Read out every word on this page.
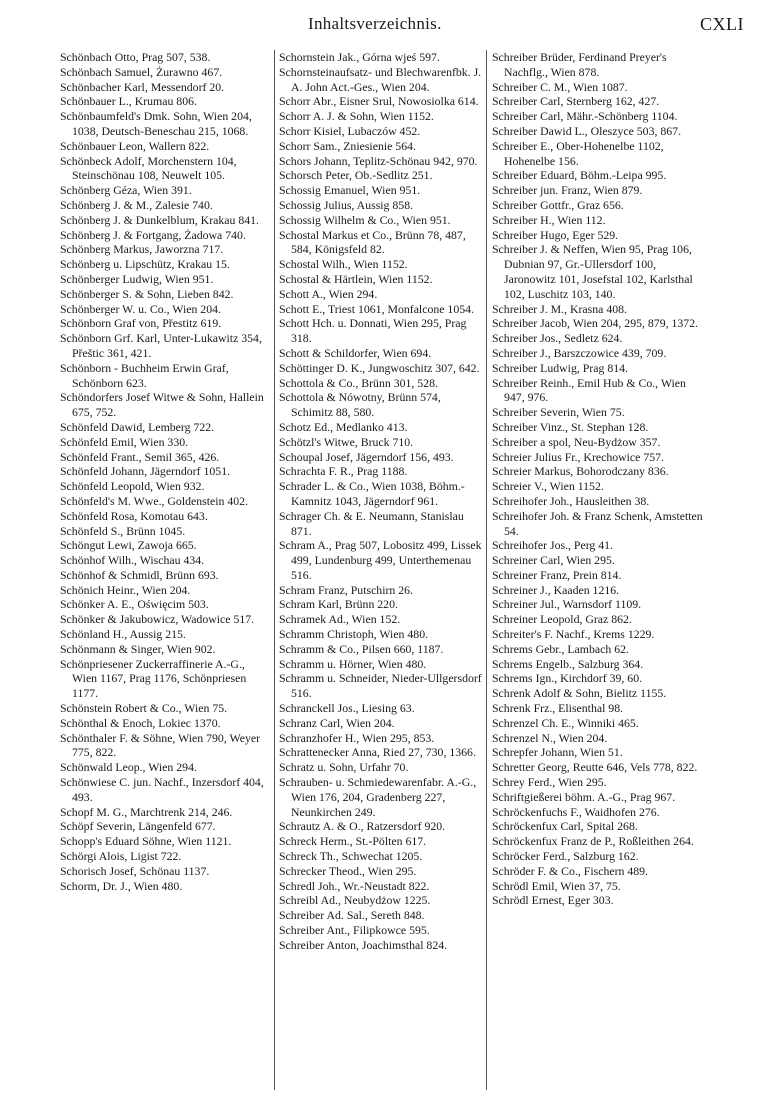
Inhaltsverzeichnis.	CXLI

Schönbach Otto, Prag 507, 538.

Schönbach Samuel, Żurawno 467.

Schönbacher Karl, Messendorf 20.

Schönbauer L., Krumau 806.

Schönbaumfeld's Dmk. Sohn, Wien 204, 1038, Deutsch-Beneschau 215, 1068.

Schönbauer Leon, Wallern 822.

Schönbeck Adolf, Morchenstern 104, Steinschönau 108, Neuwelt 105.

Schönberg Géza, Wien 391.

Schönberg J. & M., Zalesie 740.

Schönberg J. & Dunkelblum, Krakau 841.

Schönberg J. & Fortgang, Żadowa 740.

Schönberg Markus, Jaworzna 717.

Schönberg u. Lipschütz, Krakau 15.

Schönberger Ludwig, Wien 951.

Schönberger S. & Sohn, Lieben 842.

Schönberger W. u. Co., Wien 204.

Schönborn Graf von, Přestitz 619.

Schönborn Grf. Karl, Unter-Lukawitz 354, Přeštic 361, 421.

Schönborn - Buchheim Erwin Graf, Schönborn 623.

Schöndorfers Josef Witwe & Sohn, Hallein 675, 752.

Schönfeld Dawid, Lemberg 722.

Schönfeld Emil, Wien 330.

Schönfeld Frant., Semil 365, 426.

Schönfeld Johann, Jägerndorf 1051.

Schönfeld Leopold, Wien 932.

Schönfeld's M. Wwe., Goldenstein 402.

Schönfeld Rosa, Komotau 643.

Schönfeld S., Brünn 1045.

Schöngut Lewi, Zawoja 665.

Schönhof Wilh., Wischau 434.

Schönhof & Schmidl, Brünn 693.

Schönich Heinr., Wien 204.

Schönker A. E., Oświęcim 503.

Schönker & Jakubowicz, Wadowice 517.

Schönland H., Aussig 215.

Schönmann & Singer, Wien 902.

Schönpriesener Zuckerraffinerie A.-G., Wien 1167, Prag 1176, Schönpriesen 1177.

Schönstein Robert & Co., Wien 75.

Schönthal & Enoch, Lokiec 1370.

Schönthaler F. & Söhne, Wien 790, Weyer 775, 822.

Schönwald Leop., Wien 294.

Schönwiese C. jun. Nachf., Inzersdorf 404, 493.

Schopf M. G., Marchtrenk 214, 246.

Schöpf Severin, Längenfeld 677.

Schopp's Eduard Söhne, Wien 1121.

Schörgi Alois, Ligist 722.

Schorisch Josef, Schönau 1137.

Schorm, Dr. J., Wien 480.

Schornstein Jak., Górna wjeś 597.

Schornsteinaufsatz- und Blechwarenfbk. J. A. John Act.-Ges., Wien 204.

Schorr Abr., Eisner Srul, Nowosiolka 614.

Schorr A. J. & Sohn, Wien 1152.

Schorr Kisiel, Lubaczów 452.

Schorr Sam., Zniesienie 564.

Schors Johann, Teplitz-Schönau 942, 970.

Schorsch Peter, Ob.-Sedlitz 251.

Schossig Emanuel, Wien 951.

Schossig Julius, Aussig 858.

Schossig Wilhelm & Co., Wien 951.

Schostal Markus et Co., Brünn 78, 487, 584, Königsfeld 82.

Schostal Wilh., Wien 1152.

Schostal & Härtlein, Wien 1152.

Schott A., Wien 294.

Schott E., Triest 1061, Monfalcone 1054.

Schott Hch. u. Donnati, Wien 295, Prag 318.

Schott & Schildorfer, Wien 694.

Schöttinger D. K., Jungwoschitz 307, 642.

Schottola & Co., Brünn 301, 528.

Schottola & Nówotny, Brünn 574, Schimitz 88, 580.

Schotz Ed., Medlanko 413.

Schötzl's Witwe, Bruck 710.

Schoupal Josef, Jägerndorf 156, 493.

Schrachta F. R., Prag 1188.

Schrader L. & Co., Wien 1038, Böhm.-Kamnitz 1043, Jägerndorf 961.

Schrager Ch. & E. Neumann, Stanislau 871.

Schram A., Prag 507, Lobositz 499, Lissek 499, Lundenburg 499, Unterthemenau 516.

Schram Franz, Putschirn 26.

Schram Karl, Brünn 220.

Schramek Ad., Wien 152.

Schramm Christoph, Wien 480.

Schramm & Co., Pilsen 660, 1187.

Schramm u. Hörner, Wien 480.

Schramm u. Schneider, Nieder-Ullgersdorf 516.

Schranckell Jos., Liesing 63.

Schranz Carl, Wien 204.

Schranzhofer H., Wien 295, 853.

Schrattenecker Anna, Ried 27, 730, 1366.

Schratz u. Sohn, Urfahr 70.

Schrauben- u. Schmiedewarenfabr. A.-G., Wien 176, 204, Gradenberg 227, Neunkirchen 249.

Schrautz A. & O., Ratzersdorf 920.

Schreck Herm., St.-Pölten 617.

Schreck Th., Schwechat 1205.

Schrecker Theod., Wien 295.

Schredl Joh., Wr.-Neustadt 822.

Schreibl Ad., Neubydżow 1225.

Schreiber Ad. Sal., Sereth 848.

Schreiber Ant., Filipkowce 595.

Schreiber Anton, Joachimsthal 824.

Schreiber Brüder, Ferdinand Preyer's Nachflg., Wien 878.

Schreiber C. M., Wien 1087.

Schreiber Carl, Sternberg 162, 427.

Schreiber Carl, Mähr.-Schönberg 1104.

Schreiber Dawid L., Oleszyce 503, 867.

Schreiber E., Ober-Hohenelbe 1102, Hohenelbe 156.

Schreiber Eduard, Böhm.-Leipa 995.

Schreiber jun. Franz, Wien 879.

Schreiber Gottfr., Graz 656.

Schreiber H., Wien 112.

Schreiber Hugo, Eger 529.

Schreiber J. & Neffen, Wien 95, Prag 106, Dubnian 97, Gr.-Ullersdorf 100, Jaronowitz 101, Josefstal 102, Karlsthal 102, Luschitz 103, 140.

Schreiber J. M., Krasna 408.

Schreiber Jacob, Wien 204, 295, 879, 1372.

Schreiber Jos., Sedletz 624.

Schreiber J., Barszczowice 439, 709.

Schreiber Ludwig, Prag 814.

Schreiber Reinh., Emil Hub & Co., Wien 947, 976.

Schreiber Severin, Wien 75.

Schreiber Vinz., St. Stephan 128.

Schreiber a spol, Neu-Bydżow 357.

Schreier Julius Fr., Krechowice 757.

Schreier Markus, Bohorodczany 836.

Schreier V., Wien 1152.

Schreihofer Joh., Hausleithen 38.

Schreihofer Joh. & Franz Schenk, Amstetten 54.

Schreihofer Jos., Perg 41.

Schreiner Carl, Wien 295.

Schreiner Franz, Prein 814.

Schreiner J., Kaaden 1216.

Schreiner Jul., Warnsdorf 1109.

Schreiner Leopold, Graz 862.

Schreiter's F. Nachf., Krems 1229.

Schrems Gebr., Lambach 62.

Schrems Engelb., Salzburg 364.

Schrems Ign., Kirchdorf 39, 60.

Schrenk Adolf & Sohn, Bielitz 1155.

Schrenk Frz., Elisenthal 98.

Schrenzel Ch. E., Winniki 465.

Schrenzel N., Wien 204.

Schrepfer Johann, Wien 51.

Schretter Georg, Reutte 646, Vels 778, 822.

Schrey Ferd., Wien 295.

Schriftgießerei böhm. A.-G., Prag 967.

Schröckenfuchs F., Waidhofen 276.

Schröckenfux Carl, Spital 268.

Schröckenfux Franz de P., Roßleithen 264.

Schröcker Ferd., Salzburg 162.

Schröder F. & Co., Fischern 489.

Schrödl Emil, Wien 37, 75.

Schrödl Ernest, Eger 303.
